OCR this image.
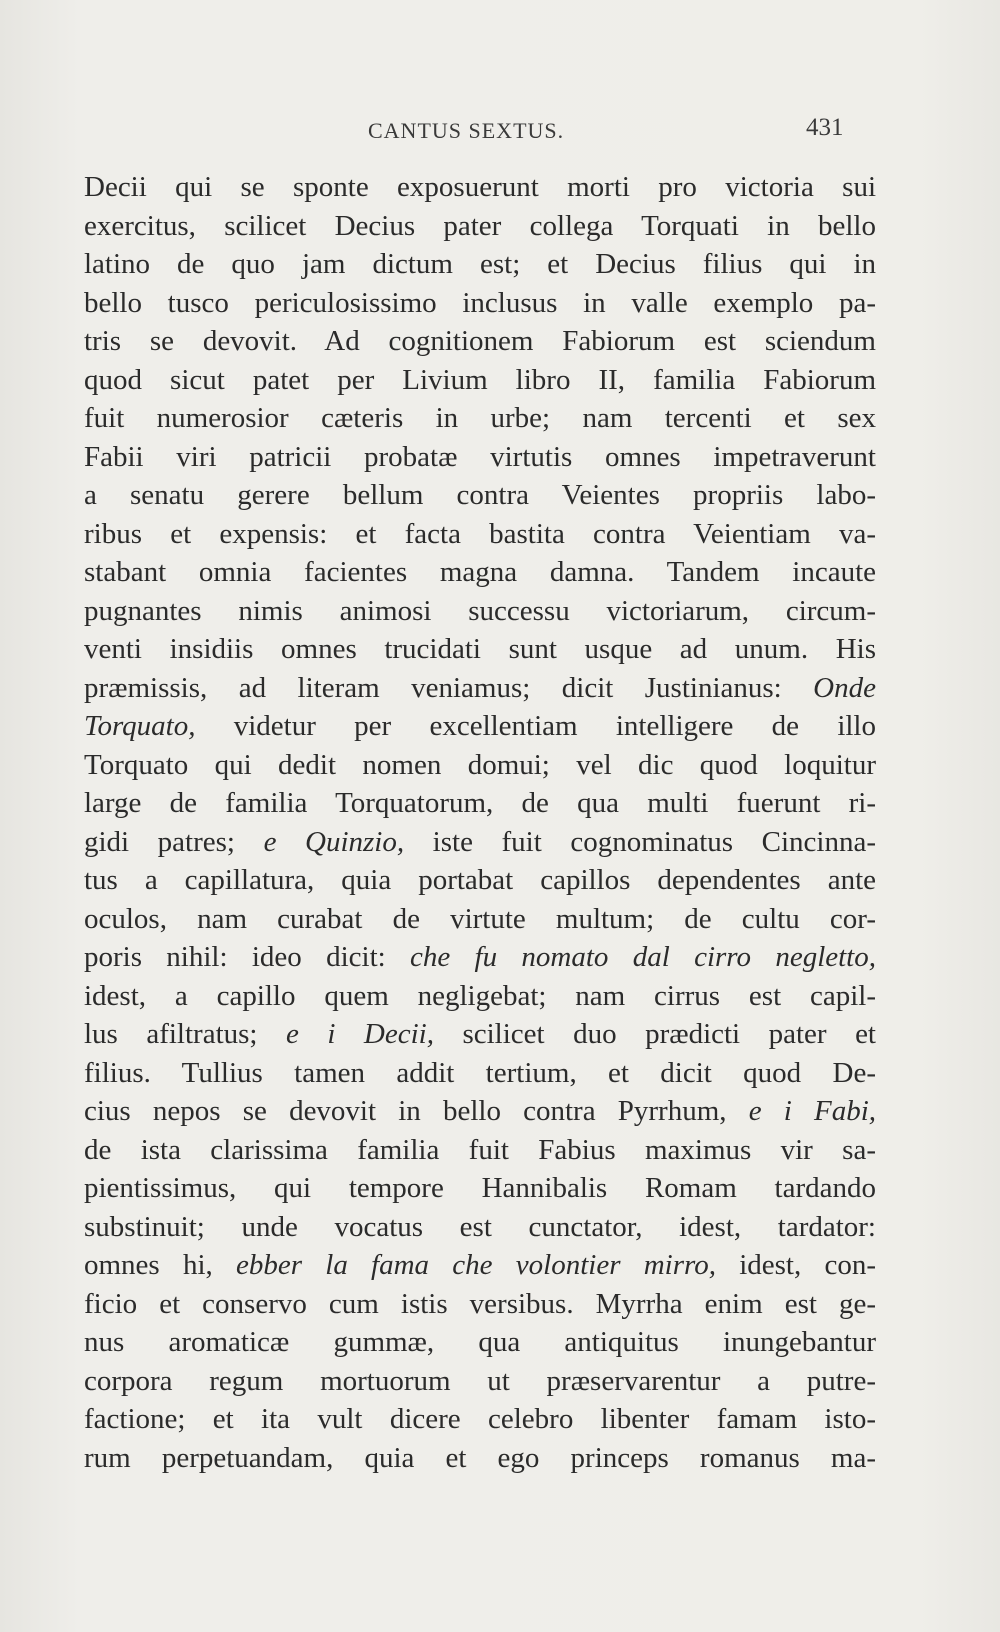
CANTUS SEXTUS.	431
Decii qui se sponte exposuerunt morti pro victoria sui
exercitus, scilicet Decius pater collega Torquati in bello
latino de quo jam dictum est; et Decius filius qui in
bello tusco periculosissimo inclusus in valle exemplo pa-
tris se devovit. Ad cognitionem Fabiorum est sciendum
quod sicut patet per Livium libro II, familia Fabiorum
fuit numerosior cæteris in urbe; nam tercenti et sex
Fabii viri patricii probatæ virtutis omnes impetraverunt
a senatu gerere bellum contra Veientes propriis labo-
ribus et expensis: et facta bastita contra Veientiam va-
stabant omnia facientes magna damna. Tandem incaute
pugnantes nimis animosi successu victoriarum, circum-
venti insidiis omnes trucidati sunt usque ad unum. His
præmissis, ad literam veniamus; dicit Justinianus: Onde
Torquato, videtur per excellentiam intelligere de illo
Torquato qui dedit nomen domui; vel dic quod loquitur
large de familia Torquatorum, de qua multi fuerunt ri-
gidi patres; e Quinzio, iste fuit cognominatus Cincinna-
tus a capillatura, quia portabat capillos dependentes ante
oculos, nam curabat de virtute multum; de cultu cor-
poris nihil: ideo dicit: che fu nomato dal cirro negletto,
idest, a capillo quem negligebat; nam cirrus est capil-
lus afiltratus; e i Decii, scilicet duo prædicti pater et
filius. Tullius tamen addit tertium, et dicit quod De-
cius nepos se devovit in bello contra Pyrrhum, e i Fabi,
de ista clarissima familia fuit Fabius maximus vir sa-
pientissimus, qui tempore Hannibalis Romam tardando
substinuit; unde vocatus est cunctator, idest, tardator:
omnes hi, ebber la fama che volontier mirro, idest, con-
ficio et conservo cum istis versibus. Myrrha enim est ge-
nus aromaticæ gummæ, qua antiquitus inungebantur
corpora regum mortuorum ut præservarentur a putre-
factione; et ita vult dicere celebro libenter famam isto-
rum perpetuandam, quia et ego princeps romanus ma-
